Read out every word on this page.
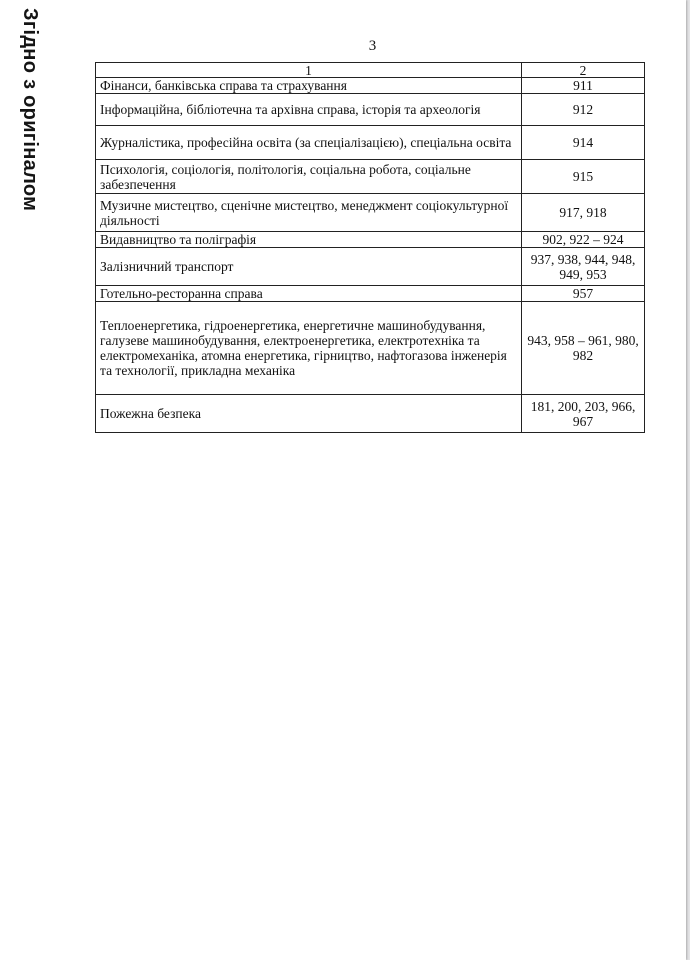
Згідно з оригіналом	3
1	2
Фінанси, банківська справа та страхування	911
Інформаційна, бібліотечна та архівна справа, історія та археологія	912
Журналістика, професійна освіта (за спеціалізацією), спеціальна освіта	914
Психологія, соціологія, політологія, соціальна робота, соціальне забезпечення	915
Музичне мистецтво, сценічне мистецтво, менеджмент соціокультурної діяльності	917, 918
Видавництво та поліграфія	902, 922 – 924
Залізничний транспорт	937, 938, 944, 948, 949, 953
Готельно-ресторанна справа	957
Теплоенергетика, гідроенергетика, енергетичне машинобудування, галузеве машинобудування, електроенергетика, електротехніка та електромеханіка, атомна енергетика, гірництво, нафтогазова інженерія та технології, прикладна механіка	943, 958 – 961, 980, 982
Пожежна безпека	181, 200, 203, 966, 967
